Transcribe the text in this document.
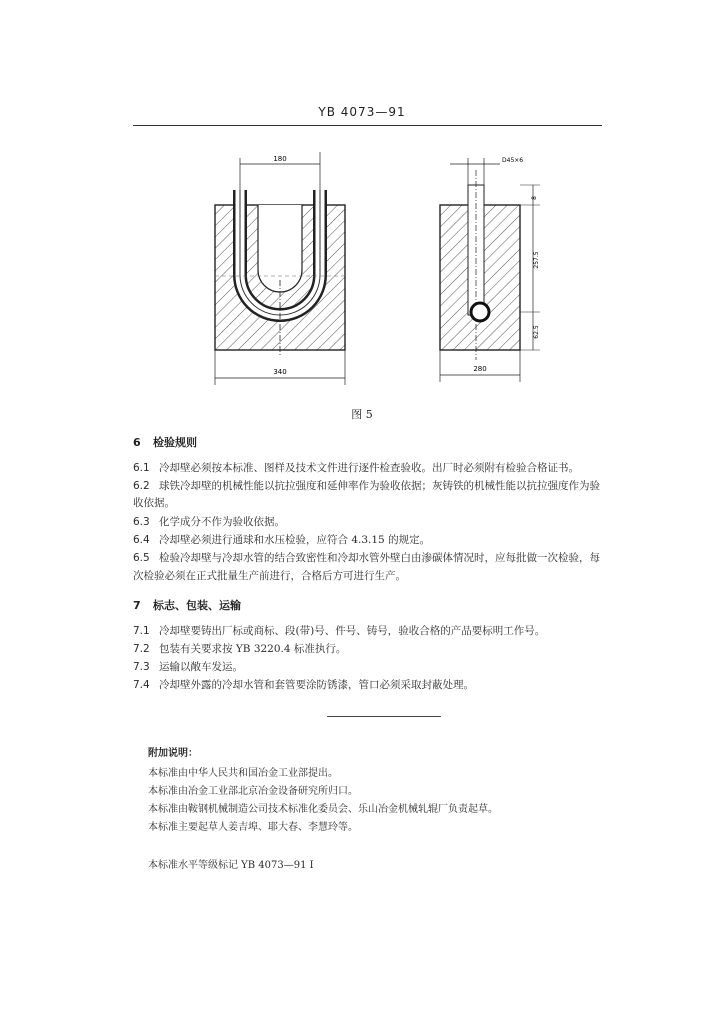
YB 4073—91
180
340
D45×6
8
257.5
62.5
280
图 5
6 检验规则
6.1 冷却壁必须按本标准、图样及技术文件进行逐件检查验收。出厂时必须附有检验合格证书。
6.2 球铁冷却壁的机械性能以抗拉强度和延伸率作为验收依据；灰铸铁的机械性能以抗拉强度作为验
收依据。
6.3 化学成分不作为验收依据。
6.4 冷却壁必须进行通球和水压检验，应符合 4.3.15 的规定。
6.5 检验冷却壁与冷却水管的结合致密性和冷却水管外壁白由渗碳体情况时，应每批做一次检验，每
次检验必须在正式批量生产前进行，合格后方可进行生产。
7 标志、包装、运输
7.1 冷却壁要铸出厂标或商标、段(带)号、件号、铸号，验收合格的产品要标明工作号。
7.2 包装有关要求按 YB 3220.4 标准执行。
7.3 运输以敞车发运。
7.4 冷却壁外露的冷却水管和套管要涂防锈漆，管口必须采取封蔽处理。
附加说明：
本标准由中华人民共和国冶金工业部提出。
本标准由冶金工业部北京冶金设备研究所归口。
本标准由鞍钢机械制造公司技术标准化委员会、乐山冶金机械轧辊厂负责起草。
本标准主要起草人姜吉埠、耶大春、李慧玲等。
本标准水平等级标记 YB 4073—91 I
